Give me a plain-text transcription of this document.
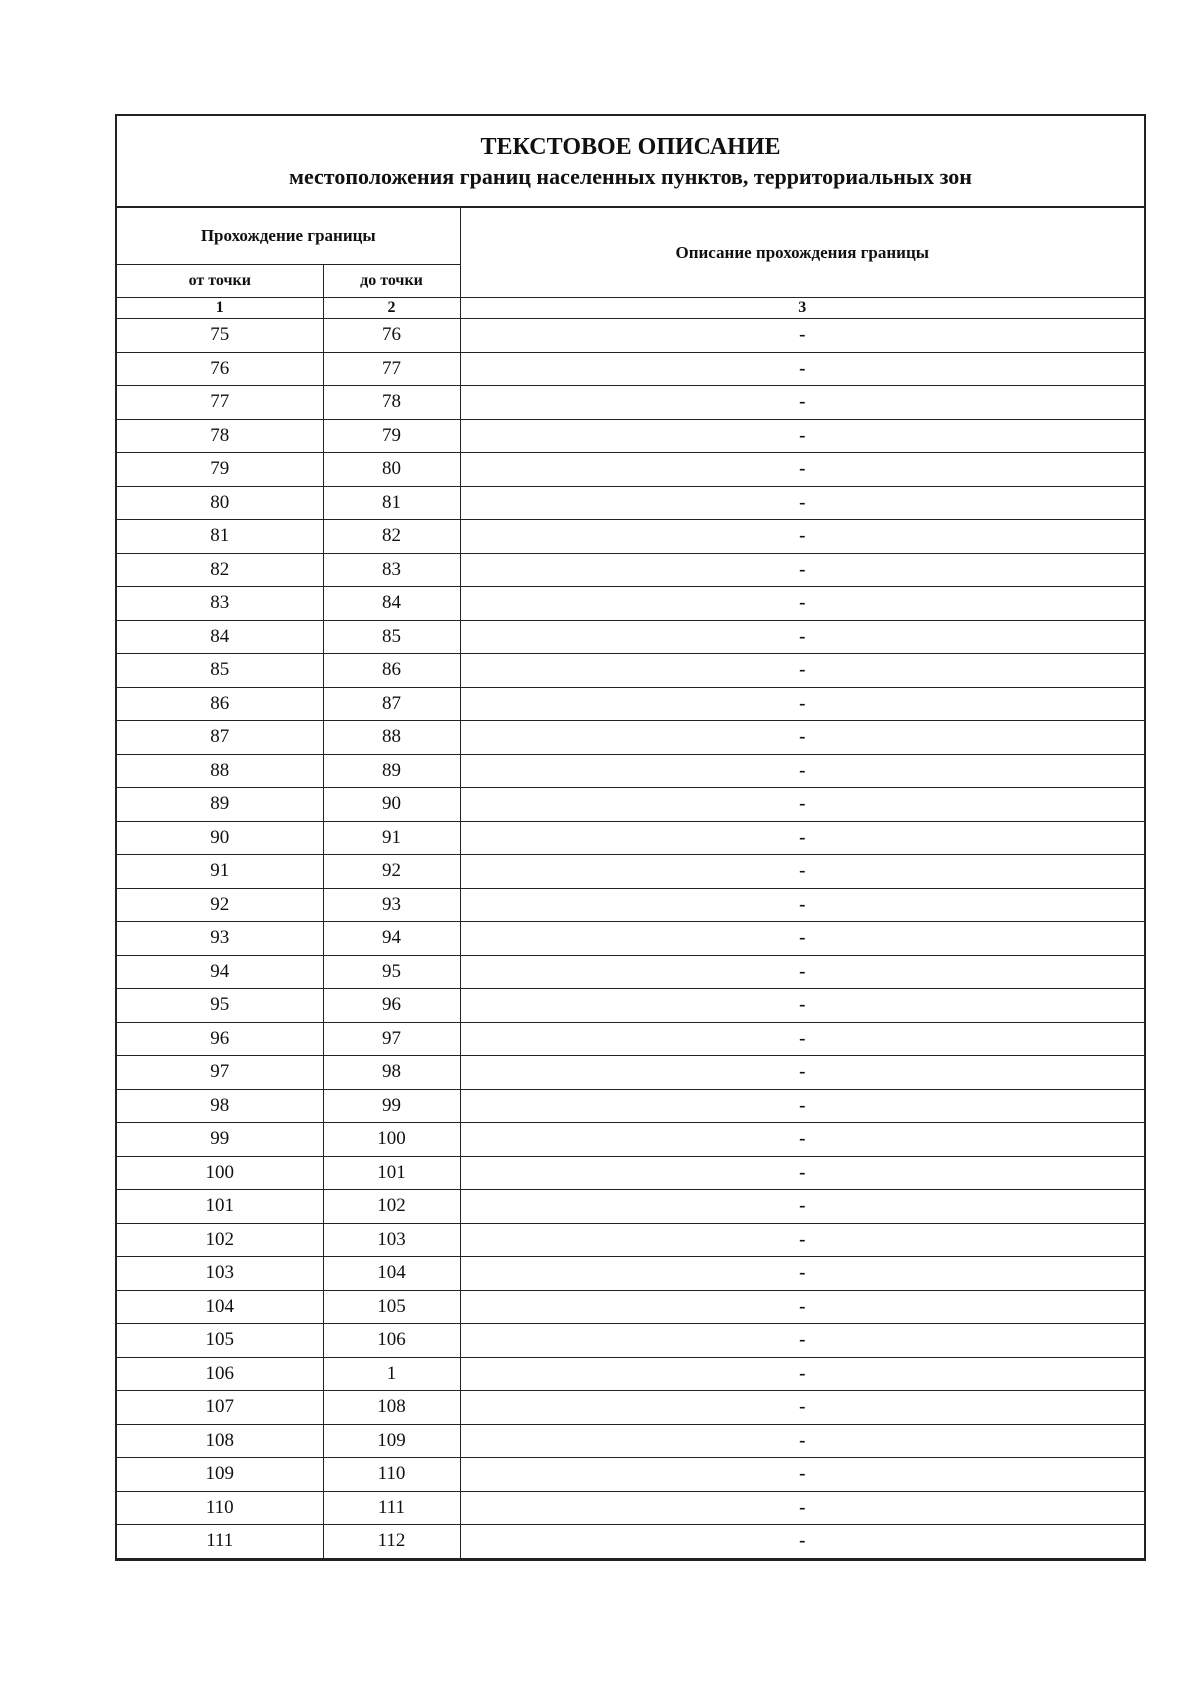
ТЕКСТОВОЕ ОПИСАНИЕ
местоположения границ населенных пунктов, территориальных зон
Прохождение границы		Описание прохождения границы
от точки	до точки	
1	2	3
75	76	-
76	77	-
77	78	-
78	79	-
79	80	-
80	81	-
81	82	-
82	83	-
83	84	-
84	85	-
85	86	-
86	87	-
87	88	-
88	89	-
89	90	-
90	91	-
91	92	-
92	93	-
93	94	-
94	95	-
95	96	-
96	97	-
97	98	-
98	99	-
99	100	-
100	101	-
101	102	-
102	103	-
103	104	-
104	105	-
105	106	-
106	1	-
107	108	-
108	109	-
109	110	-
110	111	-
111	112	-
